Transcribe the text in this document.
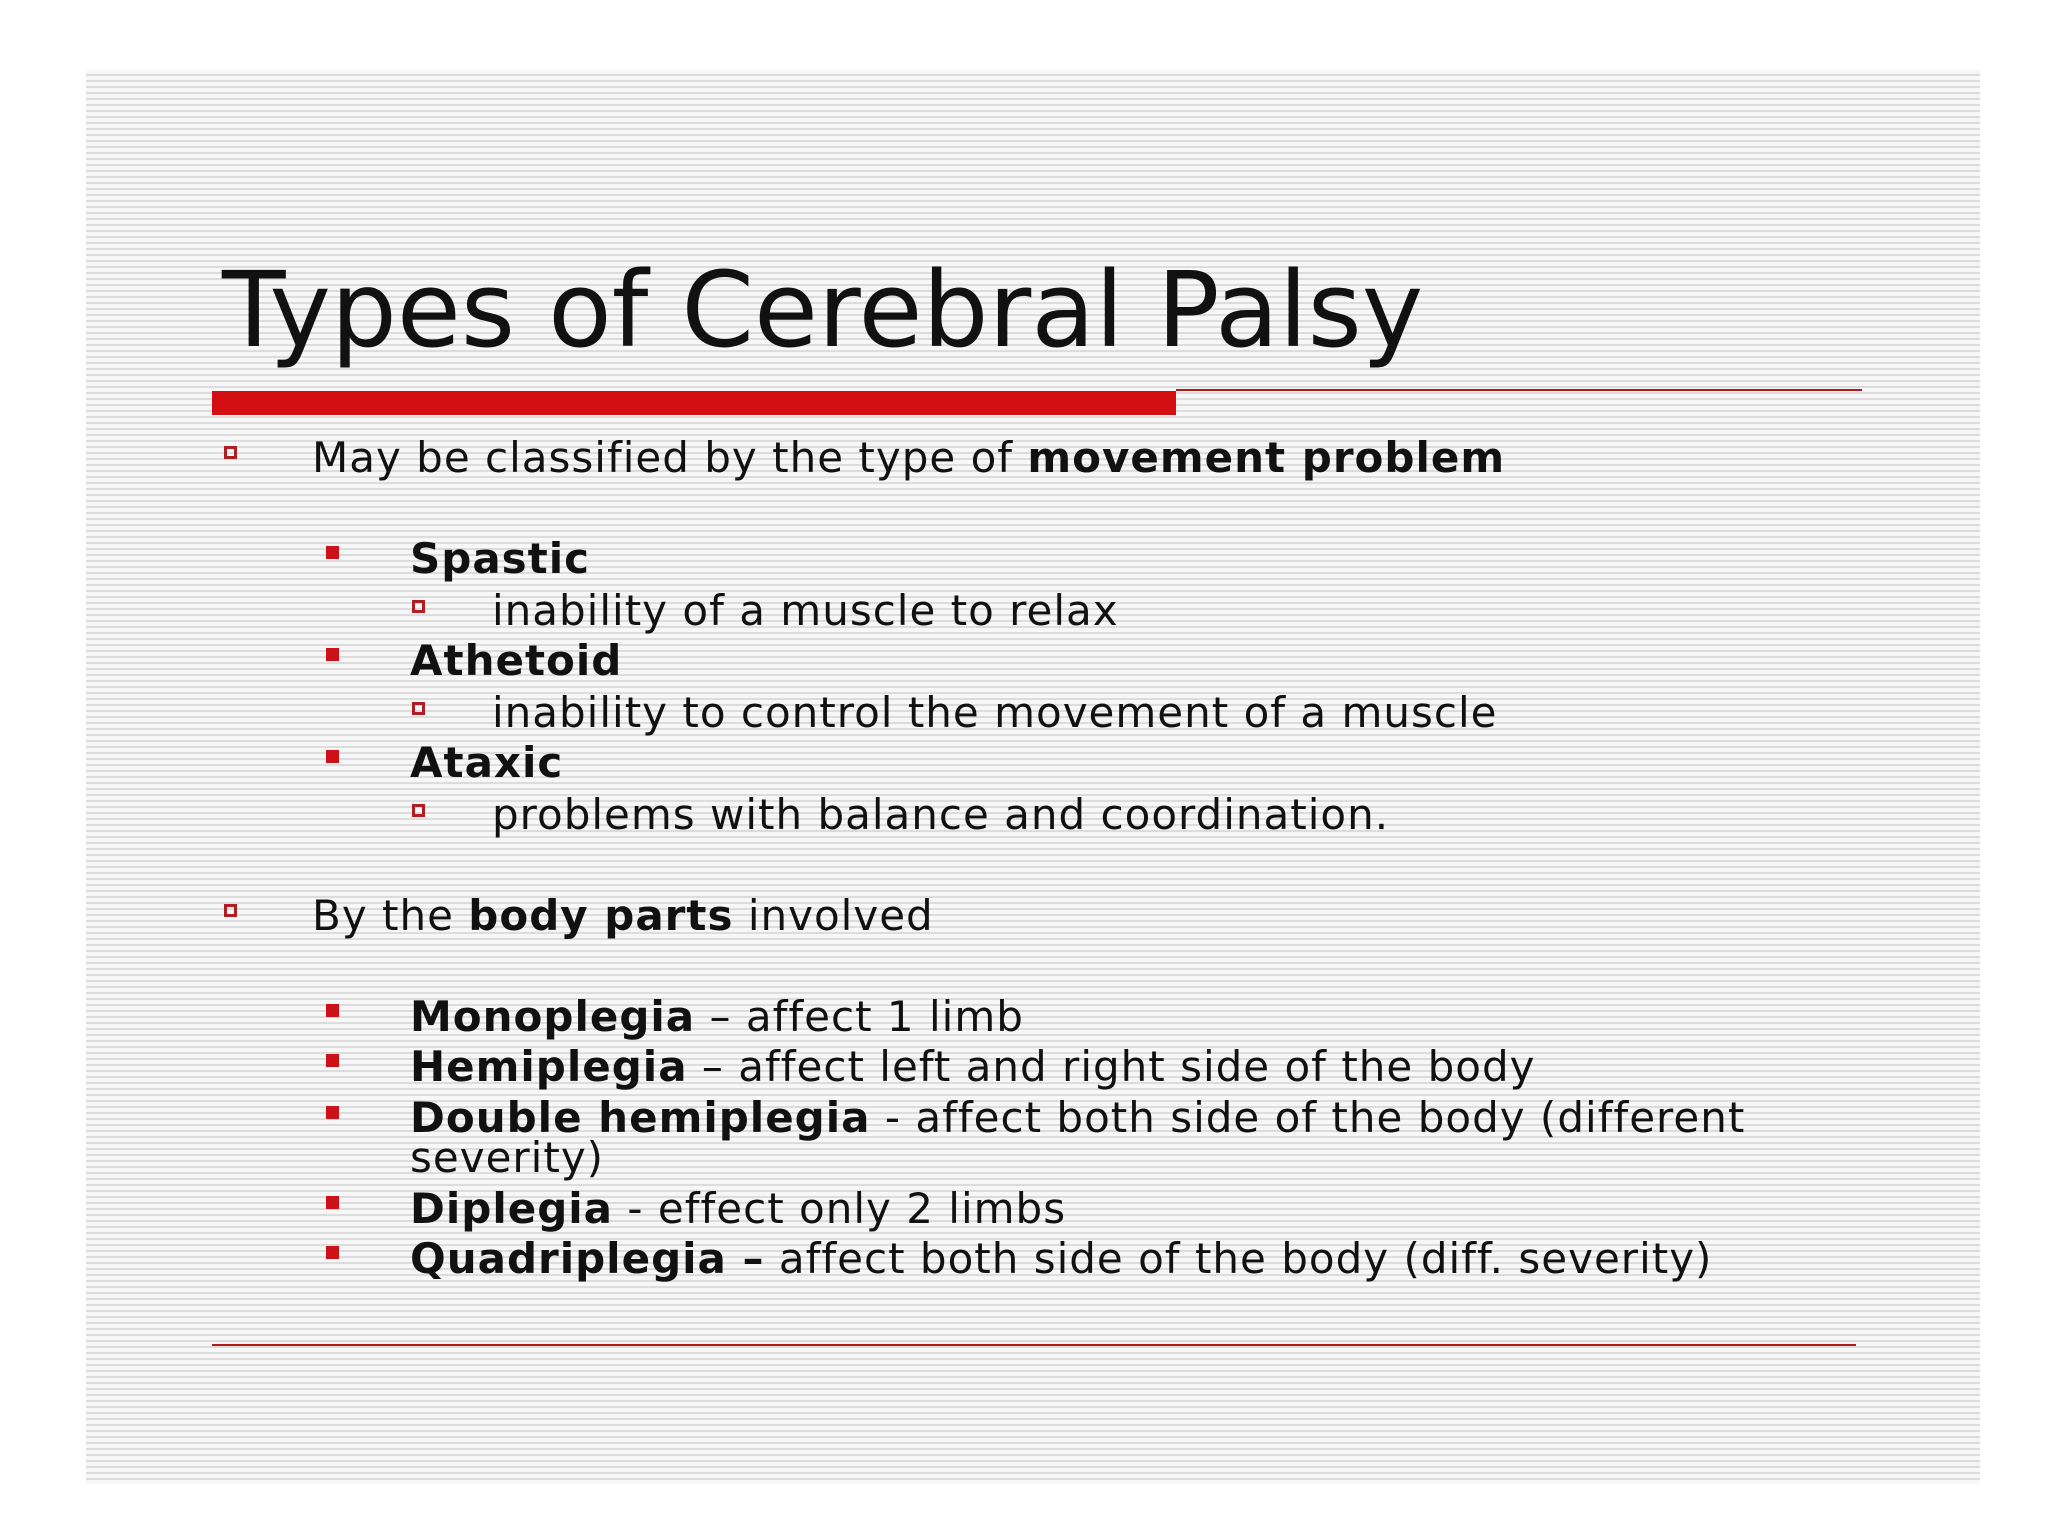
Types of Cerebral Palsy
May be classified by the type of movement problem
Spastic
inability of a muscle to relax
Athetoid
inability to control the movement of a muscle
Ataxic
problems with balance and coordination.
By the body parts involved
Monoplegia – affect 1 limb
Hemiplegia – affect left and right side of the body
Double hemiplegia - affect both side of the body (different
severity)
Diplegia - effect only 2 limbs
Quadriplegia – affect both side of the body (diff. severity)
